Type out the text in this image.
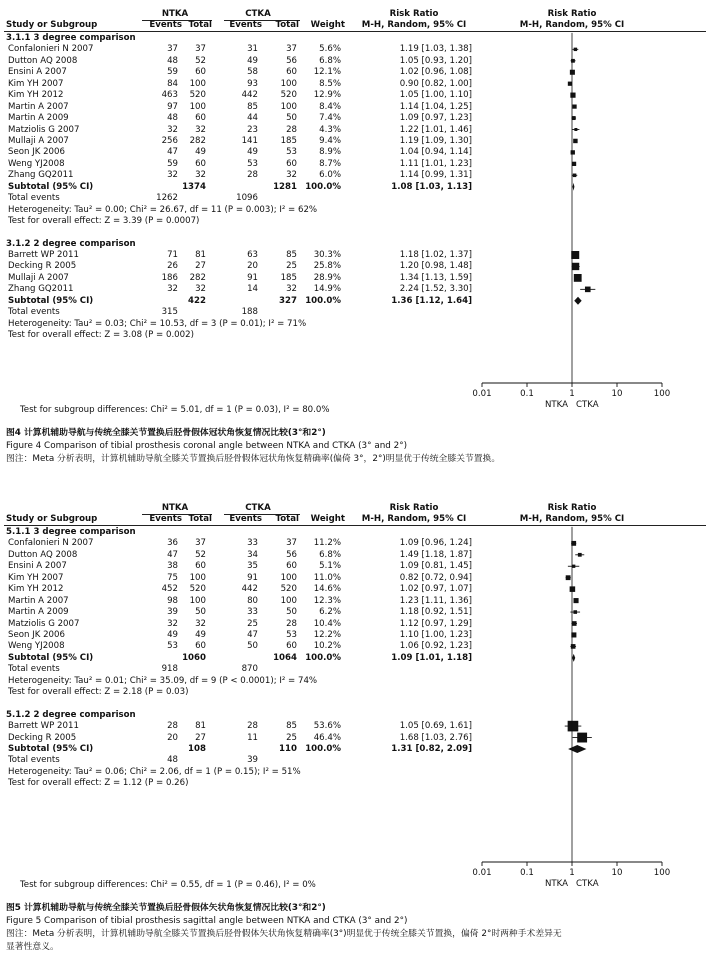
NTKA	CTKA	Risk Ratio	Risk Ratio
Study or Subgroup	Events Total	Events	Total	Weight	M-H, Random, 95% CI	M-H, Random, 95% CI
0.01	0.1	1	10	100
NTKA CTKA
3.1.1 3 degree comparison
Confalonieri N 2007	37	37	31	37	5.6%	1.19 [1.03, 1.38]
Dutton AQ 2008	48	52	49	56	6.8%	1.05 [0.93, 1.20]
Ensini A 2007	59	60	58	60	12.1%	1.02 [0.96, 1.08]
Kim YH 2007	84	100	93	100	8.5%	0.90 [0.82, 1.00]
Kim YH 2012	463	520	442	520	12.9%	1.05 [1.00, 1.10]
Martin A 2007	97	100	85	100	8.4%	1.14 [1.04, 1.25]
Martin A 2009	48	60	44	50	7.4%	1.09 [0.97, 1.23]
Matziolis G 2007	32	32	23	28	4.3%	1.22 [1.01, 1.46]
Mullaji A 2007	256	282	141	185	9.4%	1.19 [1.09, 1.30]
Seon JK 2006	47	49	49	53	8.9%	1.04 [0.94, 1.14]
Weng YJ2008	59	60	53	60	8.7%	1.11 [1.01, 1.23]
Zhang GQ2011	32	32	28	32	6.0%	1.14 [0.99, 1.31]
Subtotal (95% CI)	1374	1281 100.0%	1.08 [1.03, 1.13]
Total events	1262	1096
Heterogeneity: Tau² = 0.00; Chi² = 26.67, df = 11 (P = 0.003); I² = 62%
Test for overall effect: Z = 3.39 (P = 0.0007)
3.1.2 2 degree comparison
Barrett WP 2011	71	81	63	85	30.3%	1.18 [1.02, 1.37]
Decking R 2005	26	27	20	25	25.8%	1.20 [0.98, 1.48]
Mullaji A 2007	186	282	91	185	28.9%	1.34 [1.13, 1.59]
Zhang GQ2011	32	32	14	32	14.9%	2.24 [1.52, 3.30]
Subtotal (95% CI)	422	327 100.0%	1.36 [1.12, 1.64]
Total events	315	188
Heterogeneity: Tau² = 0.03; Chi² = 10.53, df = 3 (P = 0.01); I² = 71%
Test for overall effect: Z = 3.08 (P = 0.002)
Test for subgroup differences: Chi² = 5.01, df = 1 (P = 0.03), I² = 80.0%
图4 计算机辅助导航与传统全膝关节置换后胫骨假体冠状角恢复情况比较(3°和2°)
Figure 4 Comparison of tibial prosthesis coronal angle between NTKA and CTKA (3° and 2°)
图注：Meta 分析表明，计算机辅助导航全膝关节置换后胫骨假体冠状角恢复精确率(偏倚 3°，2°)明显优于传统全膝关节置换。
NTKA	CTKA	Risk Ratio	Risk Ratio
Study or Subgroup	Events Total	Events	Total	Weight	M-H, Random, 95% CI	M-H, Random, 95% CI
0.01	0.1	1	10	100
NTKA CTKA
5.1.1 3 degree comparison
Confalonieri N 2007	36	37	33	37	11.2%	1.09 [0.96, 1.24]
Dutton AQ 2008	47	52	34	56	6.8%	1.49 [1.18, 1.87]
Ensini A 2007	38	60	35	60	5.1%	1.09 [0.81, 1.45]
Kim YH 2007	75	100	91	100	11.0%	0.82 [0.72, 0.94]
Kim YH 2012	452	520	442	520	14.6%	1.02 [0.97, 1.07]
Martin A 2007	98	100	80	100	12.3%	1.23 [1.11, 1.36]
Martin A 2009	39	50	33	50	6.2%	1.18 [0.92, 1.51]
Matziolis G 2007	32	32	25	28	10.4%	1.12 [0.97, 1.29]
Seon JK 2006	49	49	47	53	12.2%	1.10 [1.00, 1.23]
Weng YJ2008	53	60	50	60	10.2%	1.06 [0.92, 1.23]
Subtotal (95% CI)	1060	1064 100.0%	1.09 [1.01, 1.18]
Total events	918	870
Heterogeneity: Tau² = 0.01; Chi² = 35.09, df = 9 (P < 0.0001); I² = 74%
Test for overall effect: Z = 2.18 (P = 0.03)
5.1.2 2 degree comparison
Barrett WP 2011	28	81	28	85	53.6%	1.05 [0.69, 1.61]
Decking R 2005	20	27	11	25	46.4%	1.68 [1.03, 2.76]
Subtotal (95% CI)	108	110 100.0%	1.31 [0.82, 2.09]
Total events	48	39
Heterogeneity: Tau² = 0.06; Chi² = 2.06, df = 1 (P = 0.15); I² = 51%
Test for overall effect: Z = 1.12 (P = 0.26)
Test for subgroup differences: Chi² = 0.55, df = 1 (P = 0.46), I² = 0%
图5 计算机辅助导航与传统全膝关节置换后胫骨假体矢状角恢复情况比较(3°和2°)
Figure 5 Comparison of tibial prosthesis sagittal angle between NTKA and CTKA (3° and 2°)
图注：Meta 分析表明，计算机辅助导航全膝关节置换后胫骨假体矢状角恢复精确率(3°)明显优于传统全膝关节置换，偏倚 2°时两种手术差异无
显著性意义。
